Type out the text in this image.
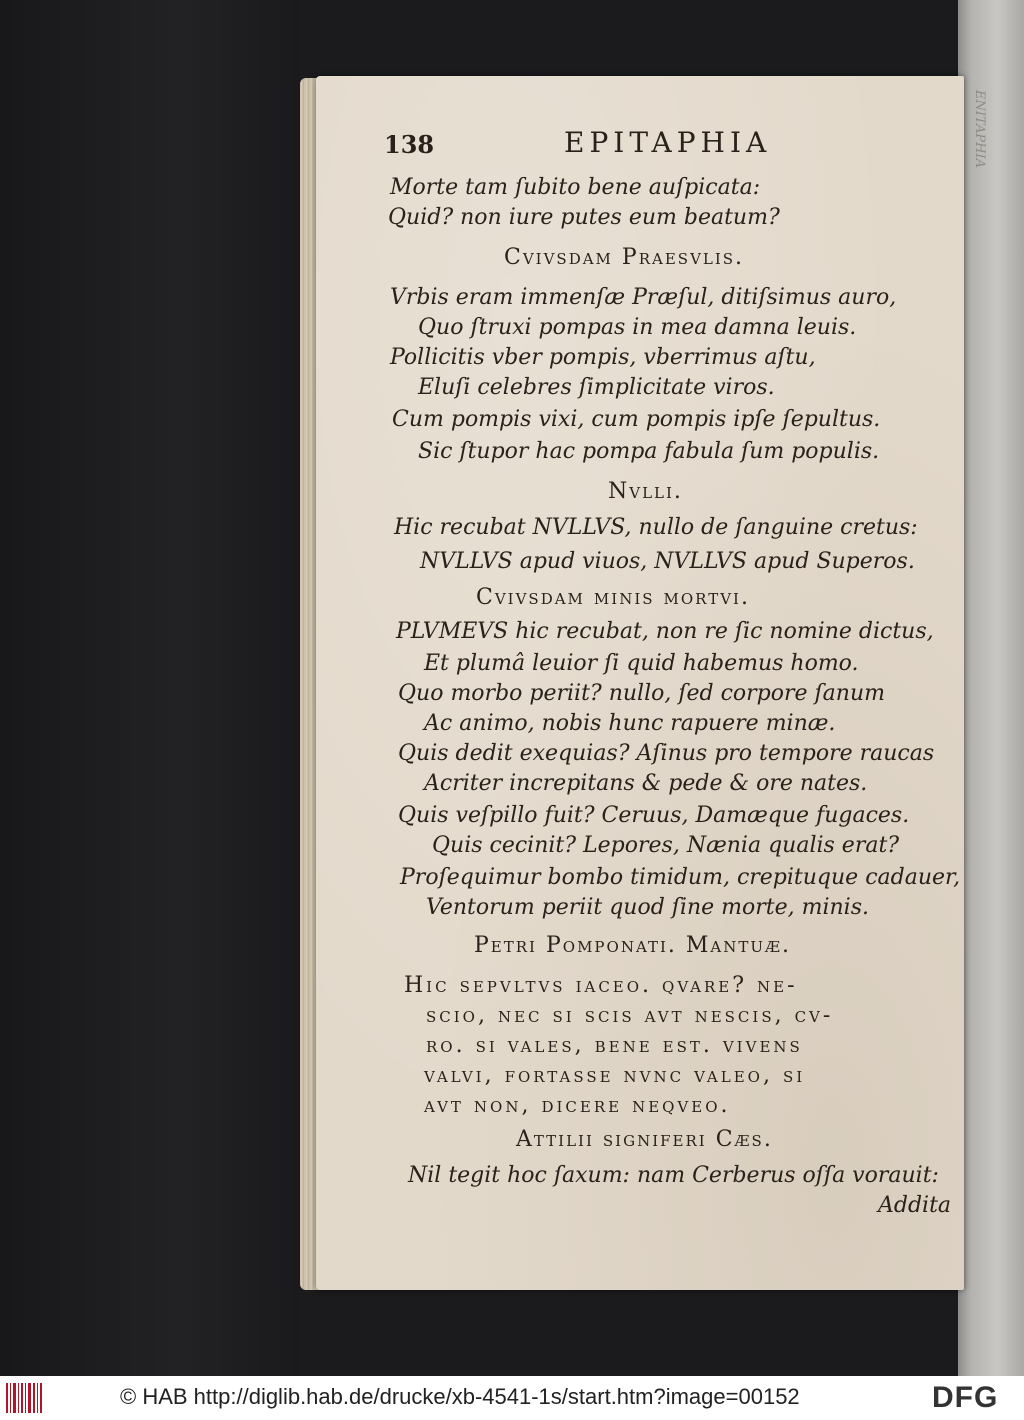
ENITAPHIA
138	EPITAPHIA
Morte tam ſubito bene auſpicata:
Quid? non iure putes eum beatum?
Cvivsdam Praesvlis.
Vrbis eram immenſæ Præſul, ditiſsimus auro,
Quo ſtruxi pompas in mea damna leuis.
Pollicitis vber pompis, vberrimus aſtu,
Eluſi celebres ſimplicitate viros.
Cum pompis vixi, cum pompis ipſe ſepultus.
Sic ſtupor hac pompa fabula ſum populis.
Nvlli.
Hic recubat NVLLVS, nullo de ſanguine cretus:
NVLLVS apud viuos, NVLLVS apud Superos.
Cvivsdam minis mortvi.
PLVMEVS hic recubat, non re ſic nomine dictus,
Et plumâ leuior ſi quid habemus homo.
Quo morbo periit? nullo, ſed corpore ſanum
Ac animo, nobis hunc rapuere minæ.
Quis dedit exequias? Aſinus pro tempore raucas
Acriter increpitans & pede & ore nates.
Quis veſpillo fuit? Ceruus, Damæque fugaces.
Quis cecinit? Lepores, Nænia qualis erat?
Proſequimur bombo timidum, crepituque cadauer,
Ventorum periit quod ſine morte, minis.
Petri Pomponati. Mantuæ.
Hic sepvltvs iaceo. qvare? ne-
scio, nec si scis avt nescis, cv-
ro. si vales, bene est. vivens
valvi, fortasse nvnc valeo, si
avt non, dicere neqveo.
Attilii signiferi Cæſ.
Nil tegit hoc ſaxum: nam Cerberus oſſa vorauit:
Addita
© HAB http://diglib.hab.de/drucke/xb-4541-1s/start.htm?image=00152	DFG
